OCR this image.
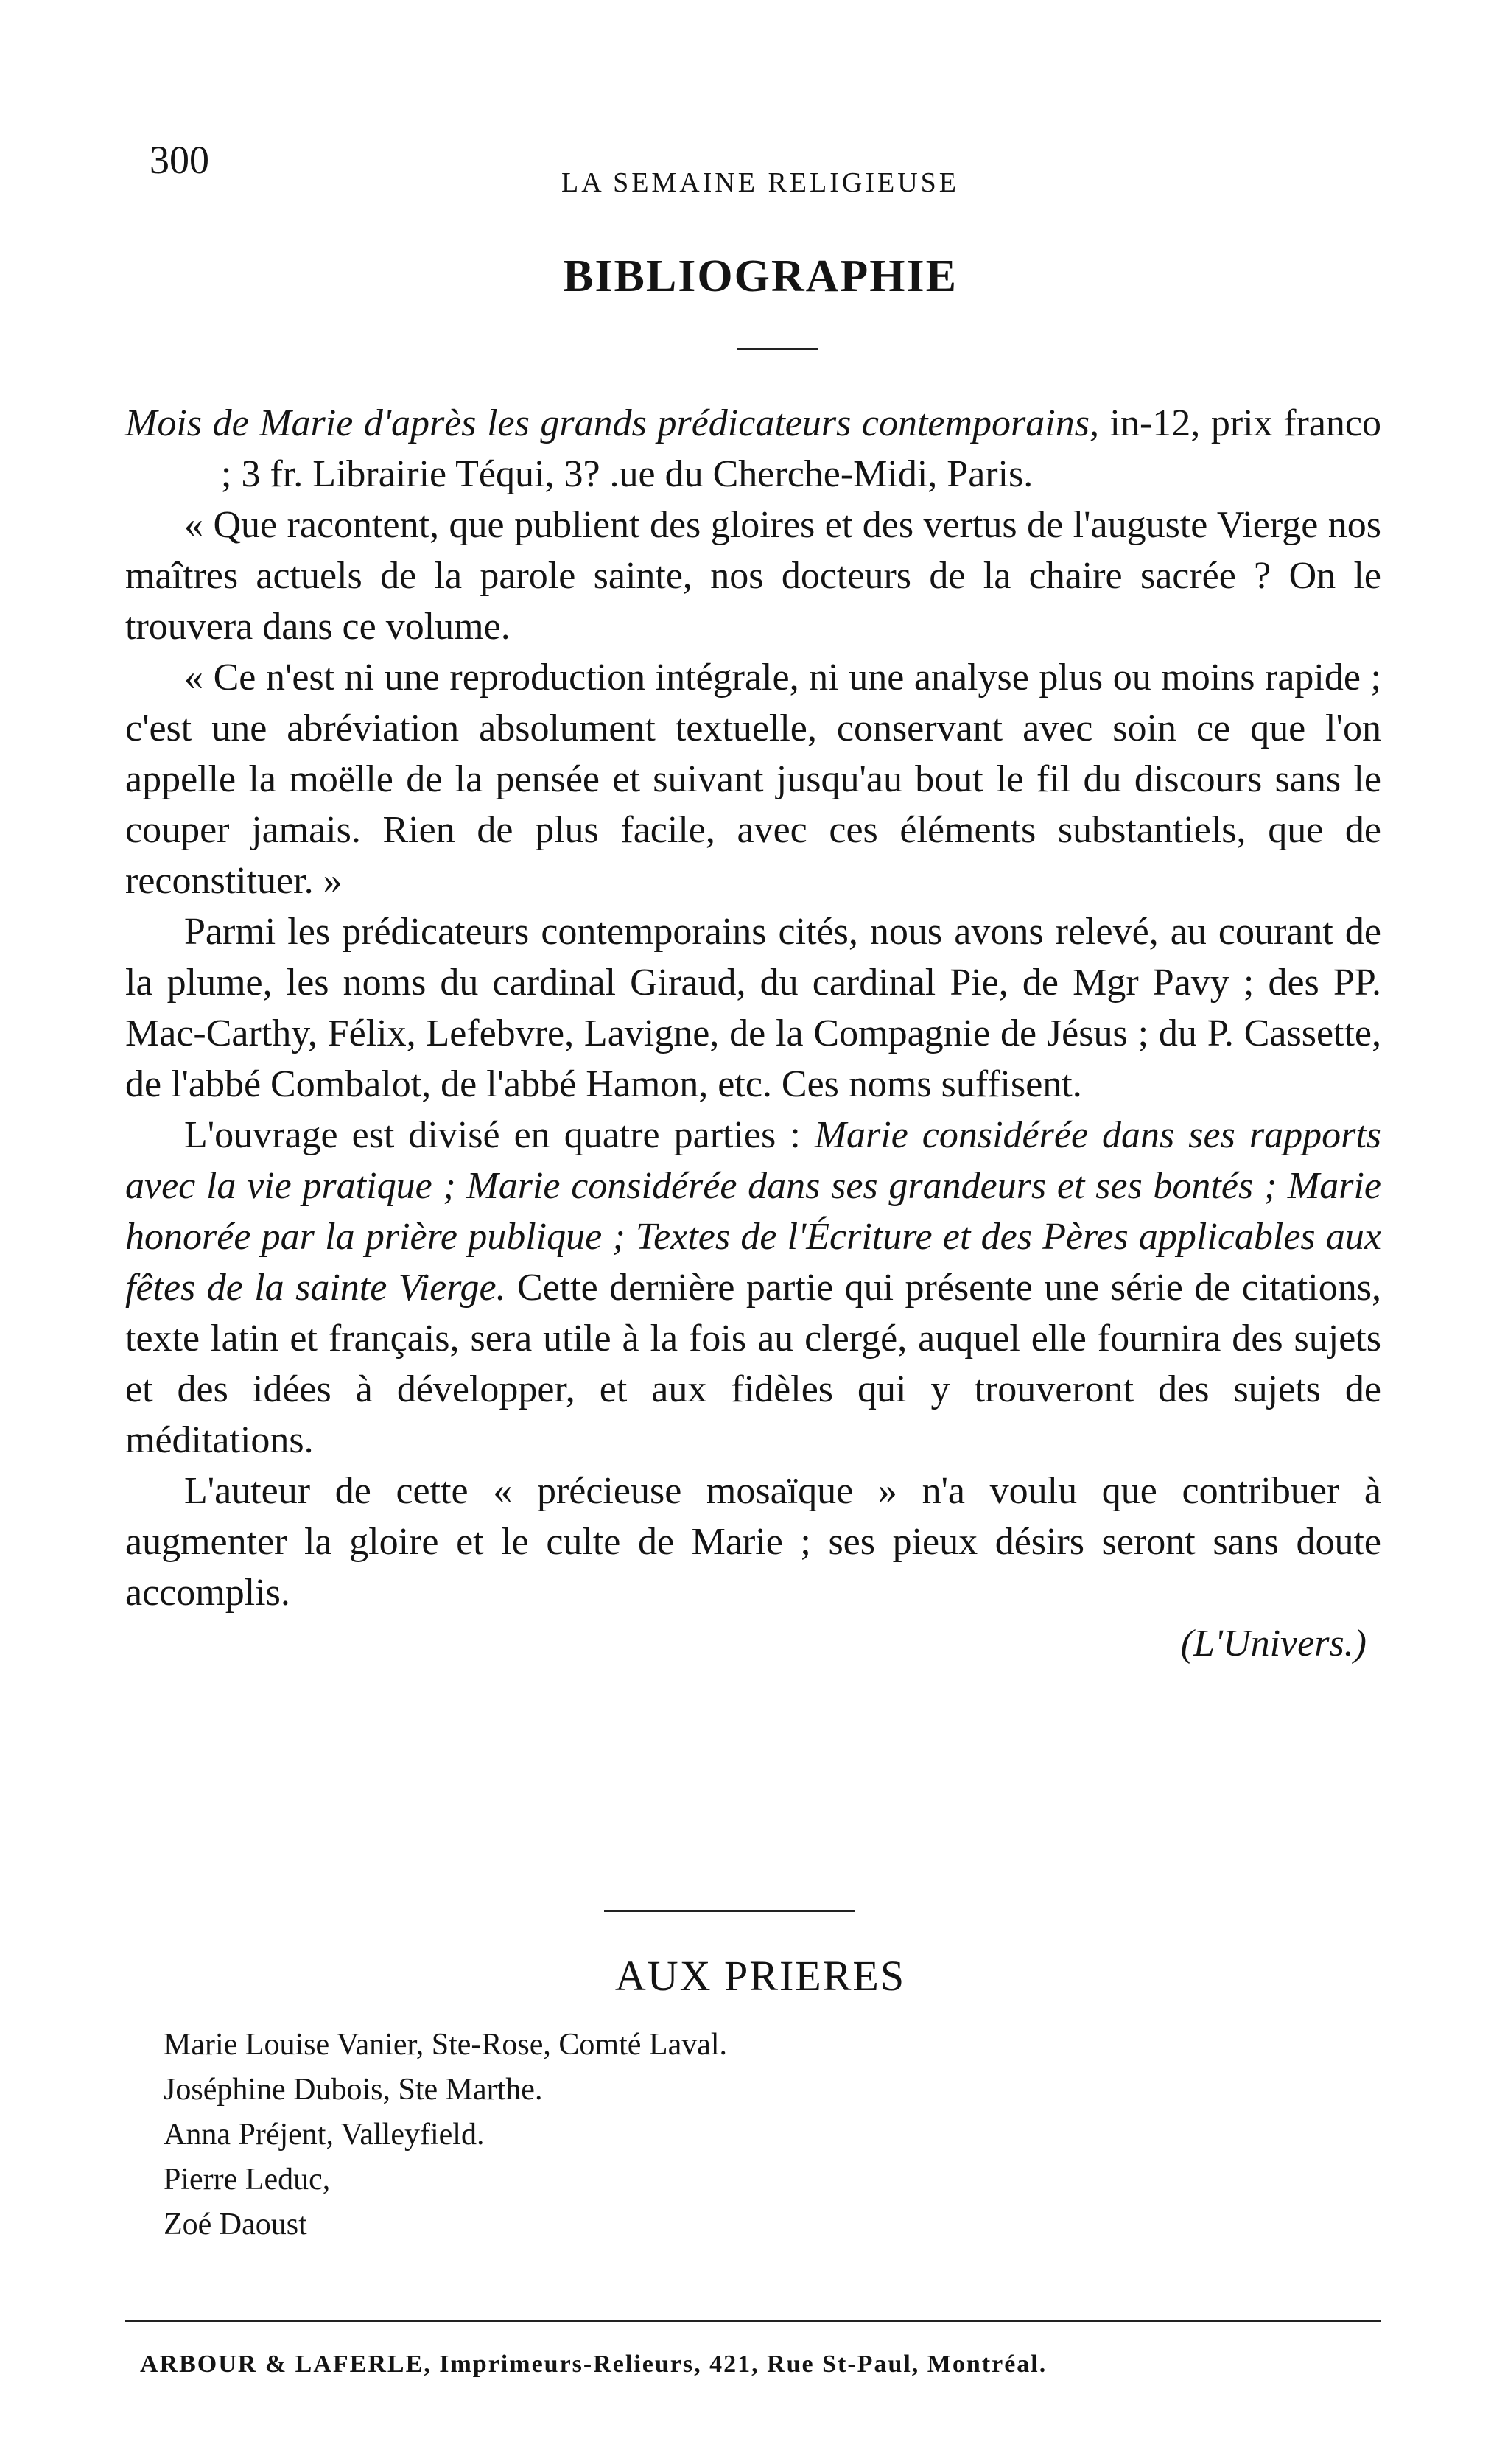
300
LA SEMAINE RELIGIEUSE
BIBLIOGRAPHIE

Mois de Marie d'après les grands prédicateurs contemporains, in-12, prix franco ; 3 fr. Librairie Téqui, 3? .ue du Cherche-Midi, Paris.

« Que racontent, que publient des gloires et des vertus de l'auguste Vierge nos maîtres actuels de la parole sainte, nos docteurs de la chaire sacrée ? On le trouvera dans ce volume.

« Ce n'est ni une reproduction intégrale, ni une analyse plus ou moins rapide ; c'est une abréviation absolument textuelle, conservant avec soin ce que l'on appelle la moëlle de la pensée et suivant jusqu'au bout le fil du discours sans le couper jamais. Rien de plus facile, avec ces éléments substantiels, que de reconstituer. »

Parmi les prédicateurs contemporains cités, nous avons relevé, au courant de la plume, les noms du cardinal Giraud, du cardinal Pie, de Mgr Pavy ; des PP. Mac-Carthy, Félix, Lefebvre, Lavigne, de la Compagnie de Jésus ; du P. Cassette, de l'abbé Combalot, de l'abbé Hamon, etc. Ces noms suffisent.

L'ouvrage est divisé en quatre parties : Marie considérée dans ses rapports avec la vie pratique ; Marie considérée dans ses grandeurs et ses bontés ; Marie honorée par la prière publique ; Textes de l'Écriture et des Pères applicables aux fêtes de la sainte Vierge. Cette dernière partie qui présente une série de citations, texte latin et français, sera utile à la fois au clergé, auquel elle fournira des sujets et des idées à développer, et aux fidèles qui y trouveront des sujets de méditations.

L'auteur de cette « précieuse mosaïque » n'a voulu que contribuer à augmenter la gloire et le culte de Marie ; ses pieux désirs seront sans doute accomplis.

(L'Univers.)

AUX PRIERES
Marie Louise Vanier, Ste-Rose, Comté Laval.
Joséphine Dubois, Ste Marthe.
Anna Préjent, Valleyfield.
Pierre Leduc,
Zoé Daoust
ARBOUR & LAFERLE, Imprimeurs-Relieurs, 421, Rue St-Paul, Montréal.
